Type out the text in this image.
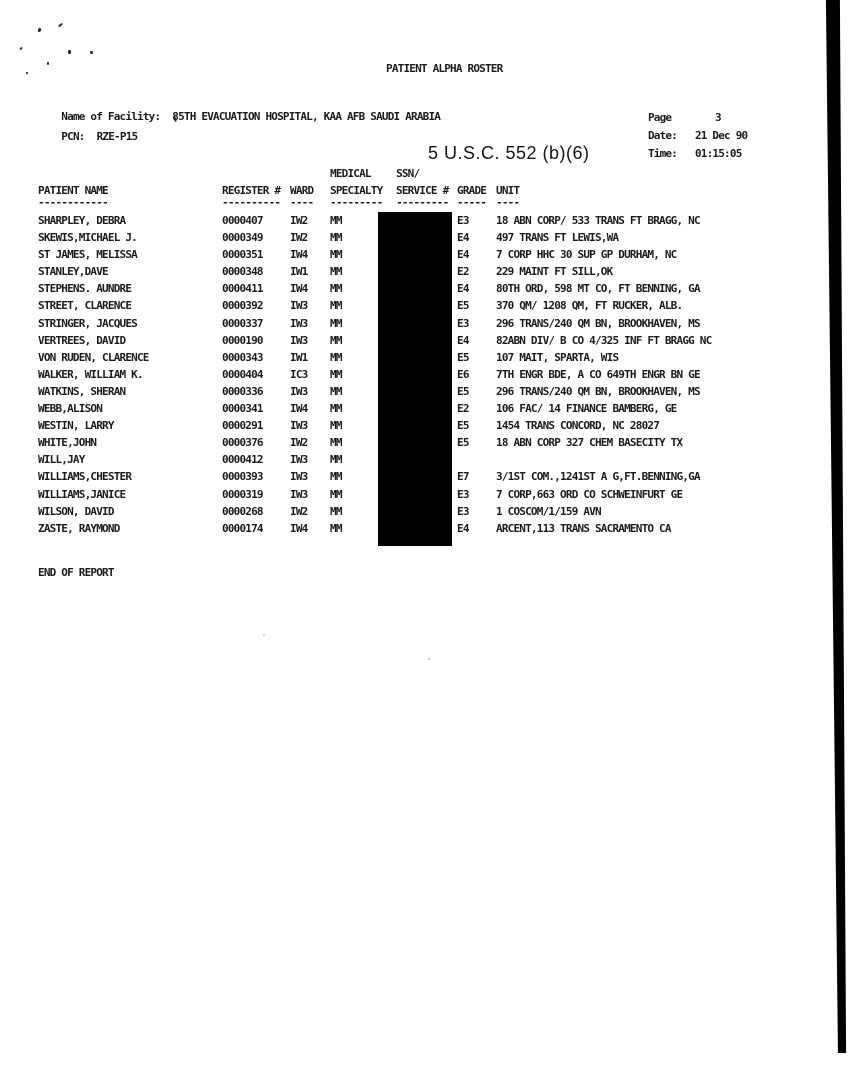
PATIENT ALPHA ROSTER

Name of Facility: 85TH EVACUATION HOSPITAL, KAA AFB SAUDI ARABIA

PCN: RZE-P15

Page	3

Date: 21 Dec 90

Time: 01:15:05

5 U.S.C. 552 (b)(6)
MEDICAL SSN/
PATIENT NAME	REGISTER # WARD SPECIALTY SERVICE # GRADE UNIT
------------	---------- ---- --------- --------- ----- ----
SHARPLEY, DEBRA	0000407 IW2 MM	E3 18 ABN CORP/ 533 TRANS FT BRAGG, NC
SKEWIS,MICHAEL J.	0000349 IW2 MM	E4 497 TRANS FT LEWIS,WA
ST JAMES, MELISSA	0000351 IW4 MM	E4 7 CORP HHC 30 SUP GP DURHAM, NC
STANLEY,DAVE	0000348 IW1 MM	E2 229 MAINT FT SILL,OK
STEPHENS. AUNDRE	0000411 IW4 MM	E4 80TH ORD, 598 MT CO, FT BENNING, GA
STREET, CLARENCE	0000392 IW3 MM	E5 370 QM/ 1208 QM, FT RUCKER, ALB.
STRINGER, JACQUES	0000337 IW3 MM	E3 296 TRANS/240 QM BN, BROOKHAVEN, MS
VERTREES, DAVID	0000190 IW3 MM	E4 82ABN DIV/ B CO 4/325 INF FT BRAGG NC
VON RUDEN, CLARENCE	0000343 IW1 MM	E5 107 MAIT, SPARTA, WIS
WALKER, WILLIAM K.	0000404 IC3 MM	E6 7TH ENGR BDE, A CO 649TH ENGR BN GE
WATKINS, SHERAN	0000336 IW3 MM	E5 296 TRANS/240 QM BN, BROOKHAVEN, MS
WEBB,ALISON	0000341 IW4 MM	E2 106 FAC/ 14 FINANCE BAMBERG, GE
WESTIN, LARRY	0000291 IW3 MM	E5 1454 TRANS CONCORD, NC 28027
WHITE,JOHN	0000376 IW2 MM	E5 18 ABN CORP 327 CHEM BASECITY TX
WILL,JAY	0000412 IW3 MM
WILLIAMS,CHESTER	0000393 IW3 MM	E7 3/1ST COM.,1241ST A G,FT.BENNING,GA
WILLIAMS,JANICE	0000319 IW3 MM	E3 7 CORP,663 ORD CO SCHWEINFURT GE
WILSON, DAVID	0000268 IW2 MM	E3 1 COSCOM/1/159 AVN
ZASTE, RAYMOND	0000174 IW4 MM	E4 ARCENT,113 TRANS SACRAMENTO CA
END OF REPORT
